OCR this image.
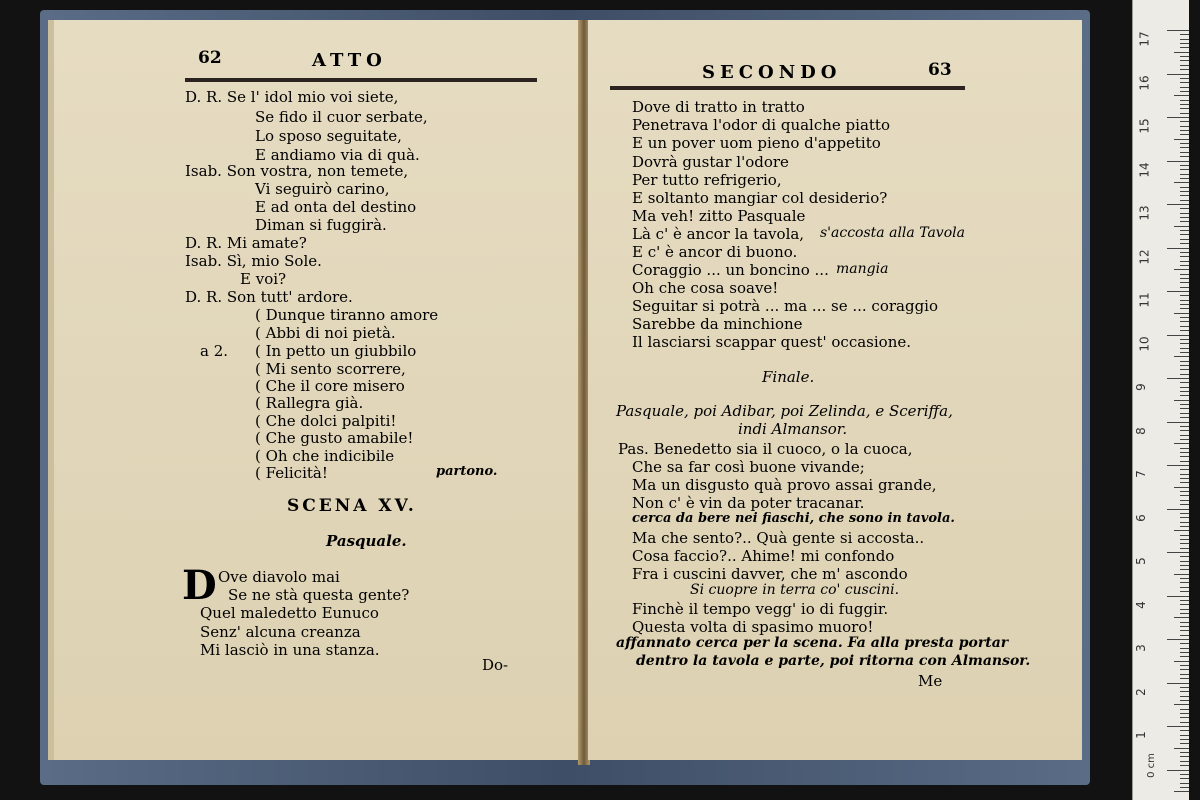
62	ATTO
D. R. Se l' idol mio voi siete,
Se fido il cuor serbate,
Lo sposo seguitate,
E andiamo via di quà.
Isab. Son vostra, non temete,
Vi seguirò carino,
E ad onta del destino
Diman si fuggirà.
D. R. Mi amate?
Isab. Sì, mio Sole.
E voi?
D. R. Son tutt' ardore.
( Dunque tiranno amore
( Abbi di noi pietà.
( In petto un giubbilo
( Mi sento scorrere,
( Che il core misero
( Rallegra già.
( Che dolci palpiti!
( Che gusto amabile!
( Oh che indicibile
( Felicità!
Quel maledetto Eunuco
Senz' alcuna creanza
Mi lasciò in una stanza.
a 2.
partono.
SCENA XV.
Pasquale.
D Ove diavolo mai
Se ne stà questa gente?
Do-
SECONDO	63
Dove di tratto in tratto
Penetrava l'odor di qualche piatto
E un pover uom pieno d'appetito
Dovrà gustar l'odore
Per tutto refrigerio,
E soltanto mangiar col desiderio?
Ma veh! zitto Pasquale
Là c' è ancor la tavola,
E c' è ancor di buono.
Coraggio ... un boncino ...
Oh che cosa soave!
Seguitar si potrà ... ma ... se ... coraggio
Sarebbe da minchione
Il lasciarsi scappar quest' occasione.
s'accosta alla Tavola
mangia
Finale.
Pasquale, poi Adibar, poi Zelinda, e Sceriffa,
indi Almansor.
Pas. Benedetto sia il cuoco, o la cuoca,
Che sa far così buone vivande;
Ma un disgusto quà provo assai grande,
Non c' è vin da poter tracanar.
Ma che sento?.. Quà gente si accosta..
Cosa faccio?.. Ahime! mi confondo
Fra i cuscini davver, che m' ascondo
Finchè il tempo vegg' io di fuggir.
Questa volta di spasimo muoro!
cerca da bere nei fiaschi, che sono in tavola.
Si cuopre in terra co' cuscini.
affannato cerca per la scena. Fa alla presta portar
dentro la tavola e parte, poi ritorna con Almansor.
Me
0 cm
17
16
15
14
13
12
11
10
9
8
7
6
5
4
3
2
1
